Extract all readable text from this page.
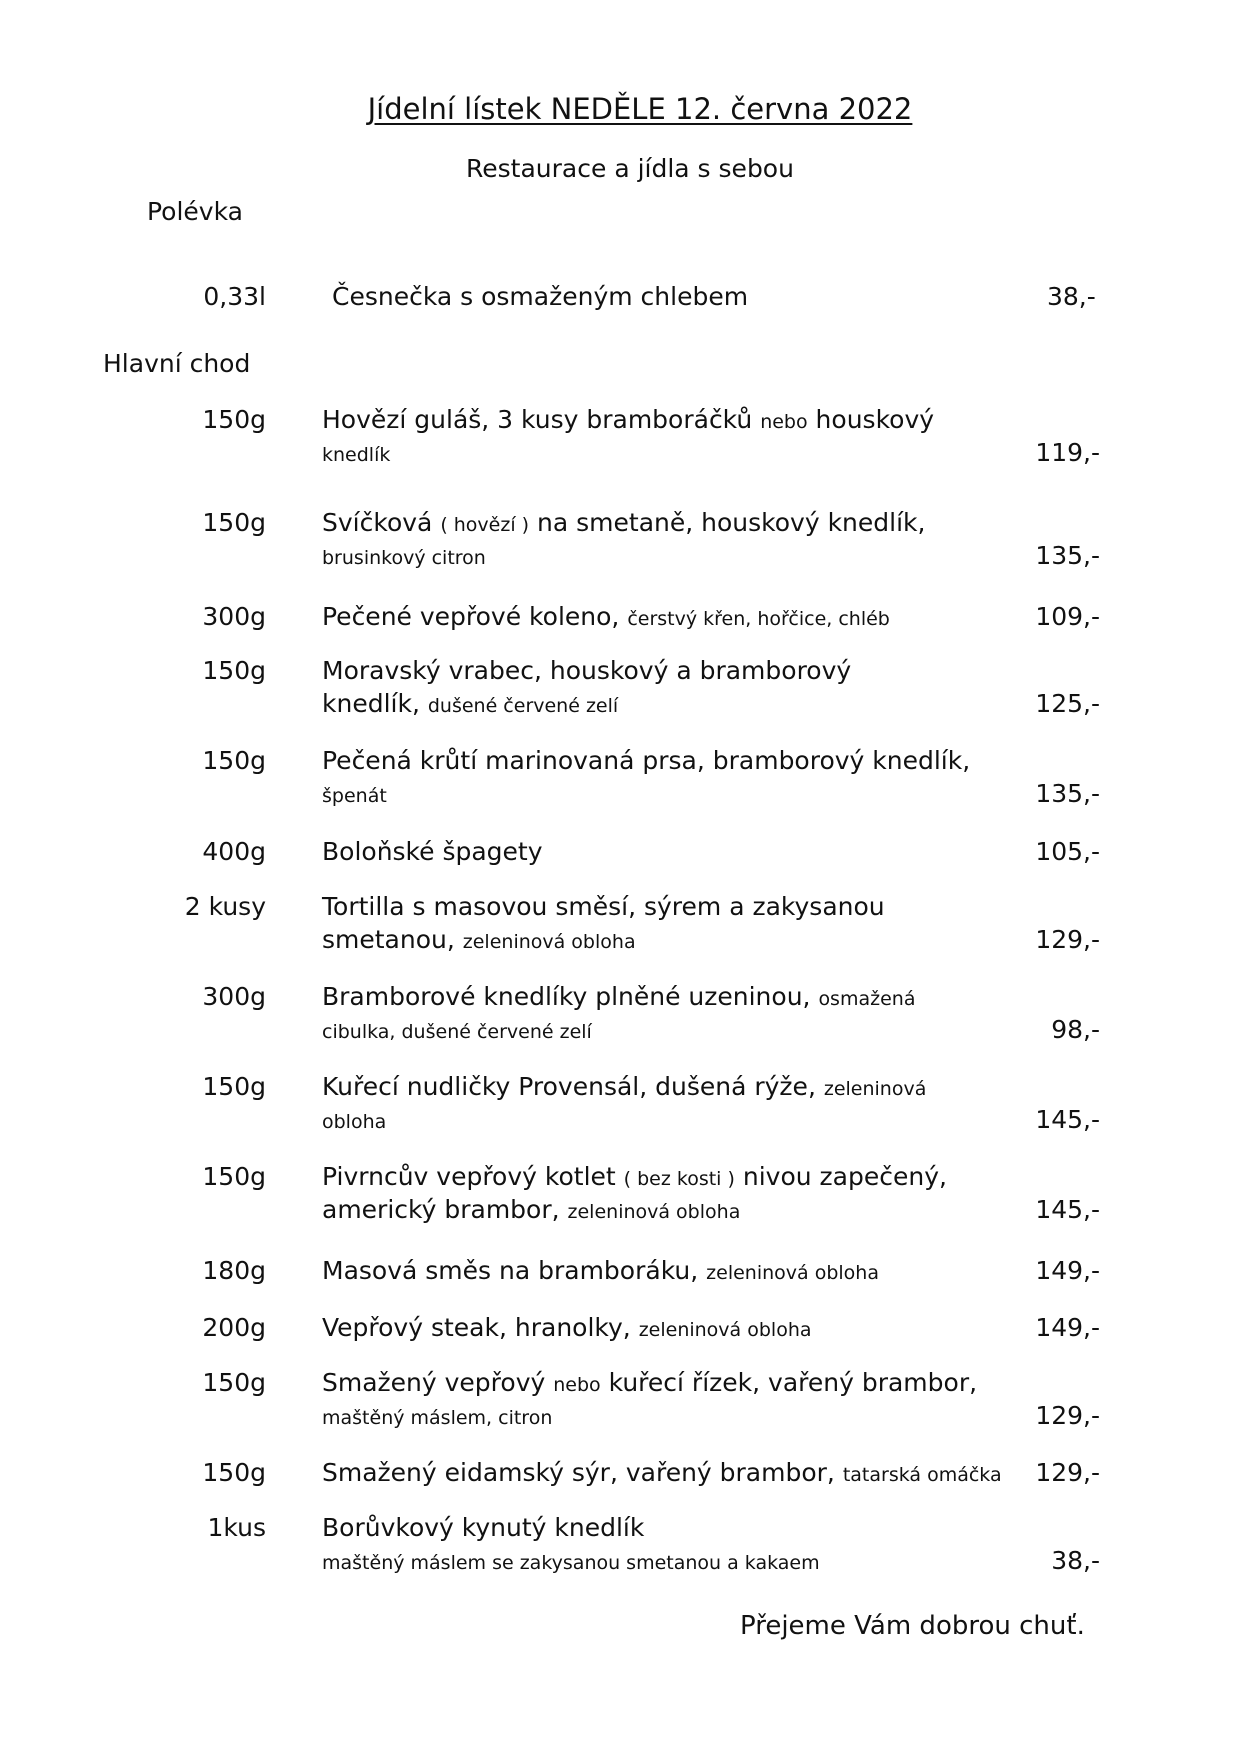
Jídelní lístek NEDĚLE 12. června 2022
Restaurace a jídla s sebou
Polévka
0,33l	Česnečka s osmaženým chlebem	38,-
Hlavní chod
150g Hovězí guláš, 3 kusy bramboráčků nebo houskový
knedlík	119,-
150g Svíčková ( hovězí ) na smetaně, houskový knedlík,
brusinkový citron	135,-
300g Pečené vepřové koleno, čerstvý křen, hořčice, chléb	109,-
150g Moravský vrabec, houskový a bramborový
knedlík, dušené červené zelí	125,-
150g Pečená krůtí marinovaná prsa, bramborový knedlík,
špenát	135,-
400g Boloňské špagety	105,-
2 kusy Tortilla s masovou směsí, sýrem a zakysanou
smetanou, zeleninová obloha	129,-
300g Bramborové knedlíky plněné uzeninou, osmažená
cibulka, dušené červené zelí	98,-
150g Kuřecí nudličky Provensál, dušená rýže, zeleninová
obloha	145,-
150g Pivrncův vepřový kotlet ( bez kosti ) nivou zapečený,
americký brambor, zeleninová obloha	145,-
180g Masová směs na bramboráku, zeleninová obloha	149,-
200g Vepřový steak, hranolky, zeleninová obloha	149,-
150g Smažený vepřový nebo kuřecí řízek, vařený brambor,
maštěný máslem, citron	129,-
150g Smažený eidamský sýr, vařený brambor, tatarská omáčka 129,-
1kus Borůvkový kynutý knedlík
maštěný máslem se zakysanou smetanou a kakaem	38,-
Přejeme Vám dobrou chuť.
